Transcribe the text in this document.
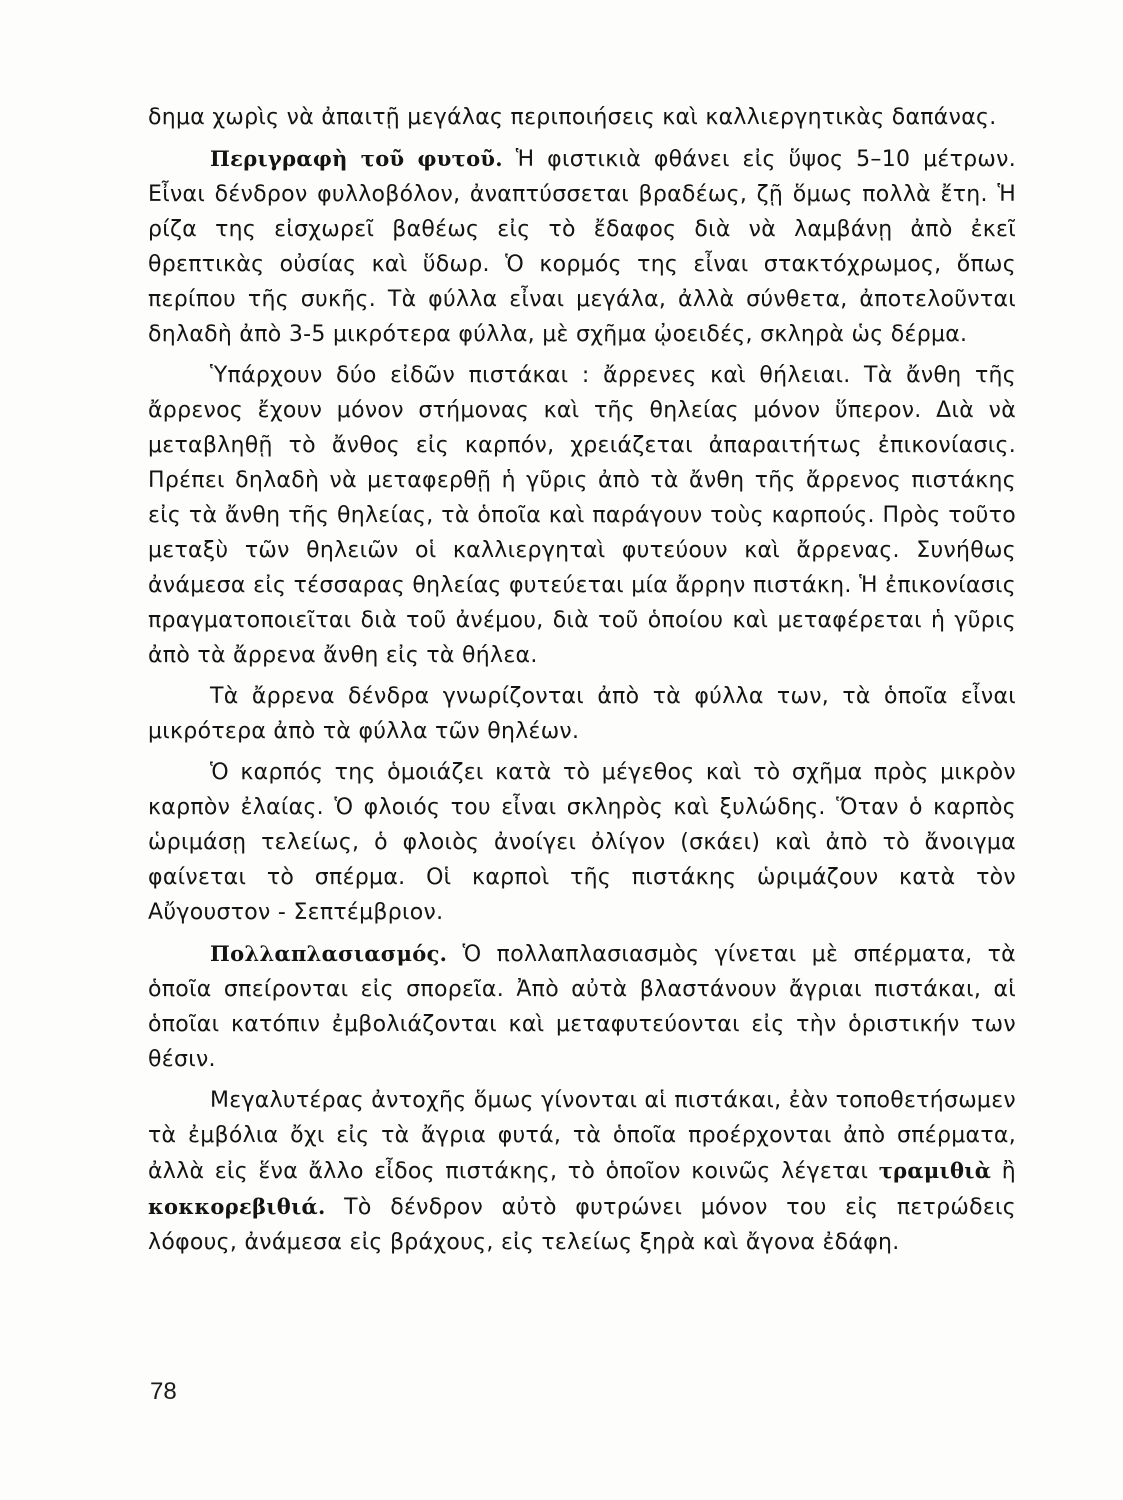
δημα χωρὶς νὰ ἀπαιτῇ μεγάλας περιποιήσεις καὶ καλλιεργητικὰς δαπάνας.

Περιγραφὴ τοῦ φυτοῦ. Ἡ φιστικιὰ φθάνει εἰς ὕψος 5–10 μέτρων. Εἶναι δένδρον φυλλοβόλον, ἀναπτύσσεται βραδέως, ζῇ ὅμως πολλὰ ἔτη. Ἡ ρίζα της εἰσχωρεῖ βαθέως εἰς τὸ ἔδαφος διὰ νὰ λαμβάνῃ ἀπὸ ἐκεῖ θρεπτικὰς οὐσίας καὶ ὕδωρ. Ὁ κορμός της εἶναι στακτόχρωμος, ὅπως περίπου τῆς συκῆς. Τὰ φύλλα εἶναι μεγάλα, ἀλλὰ σύνθετα, ἀποτελοῦνται δηλαδὴ ἀπὸ 3-5 μικρότερα φύλλα, μὲ σχῆμα ᾠοειδές, σκληρὰ ὡς δέρμα.

Ὑπάρχουν δύο εἰδῶν πιστάκαι : ἄρρενες καὶ θήλειαι. Τὰ ἄνθη τῆς ἄρρενος ἔχουν μόνον στήμονας καὶ τῆς θηλείας μόνον ὕπερον. Διὰ νὰ μεταβληθῇ τὸ ἄνθος εἰς καρπόν, χρειάζεται ἀπαραιτήτως ἐπικονίασις. Πρέπει δηλαδὴ νὰ μεταφερθῇ ἡ γῦρις ἀπὸ τὰ ἄνθη τῆς ἄρρενος πιστάκης εἰς τὰ ἄνθη τῆς θηλείας, τὰ ὁποῖα καὶ παράγουν τοὺς καρπούς. Πρὸς τοῦτο μεταξὺ τῶν θηλειῶν οἱ καλλιεργηταὶ φυτεύουν καὶ ἄρρενας. Συνήθως ἀνάμεσα εἰς τέσσαρας θηλείας φυτεύεται μία ἄρρην πιστάκη. Ἡ ἐπικονίασις πραγματοποιεῖται διὰ τοῦ ἀνέμου, διὰ τοῦ ὁποίου καὶ μεταφέρεται ἡ γῦρις ἀπὸ τὰ ἄρρενα ἄνθη εἰς τὰ θήλεα.

Τὰ ἄρρενα δένδρα γνωρίζονται ἀπὸ τὰ φύλλα των, τὰ ὁποῖα εἶναι μικρότερα ἀπὸ τὰ φύλλα τῶν θηλέων.

Ὁ καρπός της ὁμοιάζει κατὰ τὸ μέγεθος καὶ τὸ σχῆμα πρὸς μικρὸν καρπὸν ἐλαίας. Ὁ φλοιός του εἶναι σκληρὸς καὶ ξυλώδης. Ὅταν ὁ καρπὸς ὡριμάσῃ τελείως, ὁ φλοιὸς ἀνοίγει ὀλίγον (σκάει) καὶ ἀπὸ τὸ ἄνοιγμα φαίνεται τὸ σπέρμα. Οἱ καρποὶ τῆς πιστάκης ὡριμάζουν κατὰ τὸν Αὔγουστον - Σεπτέμβριον.

Πολλαπλασιασμός. Ὁ πολλαπλασιασμὸς γίνεται μὲ σπέρματα, τὰ ὁποῖα σπείρονται εἰς σπορεῖα. Ἀπὸ αὐτὰ βλαστάνουν ἄγριαι πιστάκαι, αἱ ὁποῖαι κατόπιν ἐμβολιάζονται καὶ μεταφυτεύονται εἰς τὴν ὁριστικήν των θέσιν.

Μεγαλυτέρας ἀντοχῆς ὅμως γίνονται αἱ πιστάκαι, ἐὰν τοποθετήσωμεν τὰ ἐμβόλια ὄχι εἰς τὰ ἄγρια φυτά, τὰ ὁποῖα προέρχονται ἀπὸ σπέρματα, ἀλλὰ εἰς ἕνα ἄλλο εἶδος πιστάκης, τὸ ὁποῖον κοινῶς λέγεται τραμιθιὰ ἢ κοκκορεβιθιά. Τὸ δένδρον αὐτὸ φυτρώνει μόνον του εἰς πετρώδεις λόφους, ἀνάμεσα εἰς βράχους, εἰς τελείως ξηρὰ καὶ ἄγονα ἐδάφη.

78
